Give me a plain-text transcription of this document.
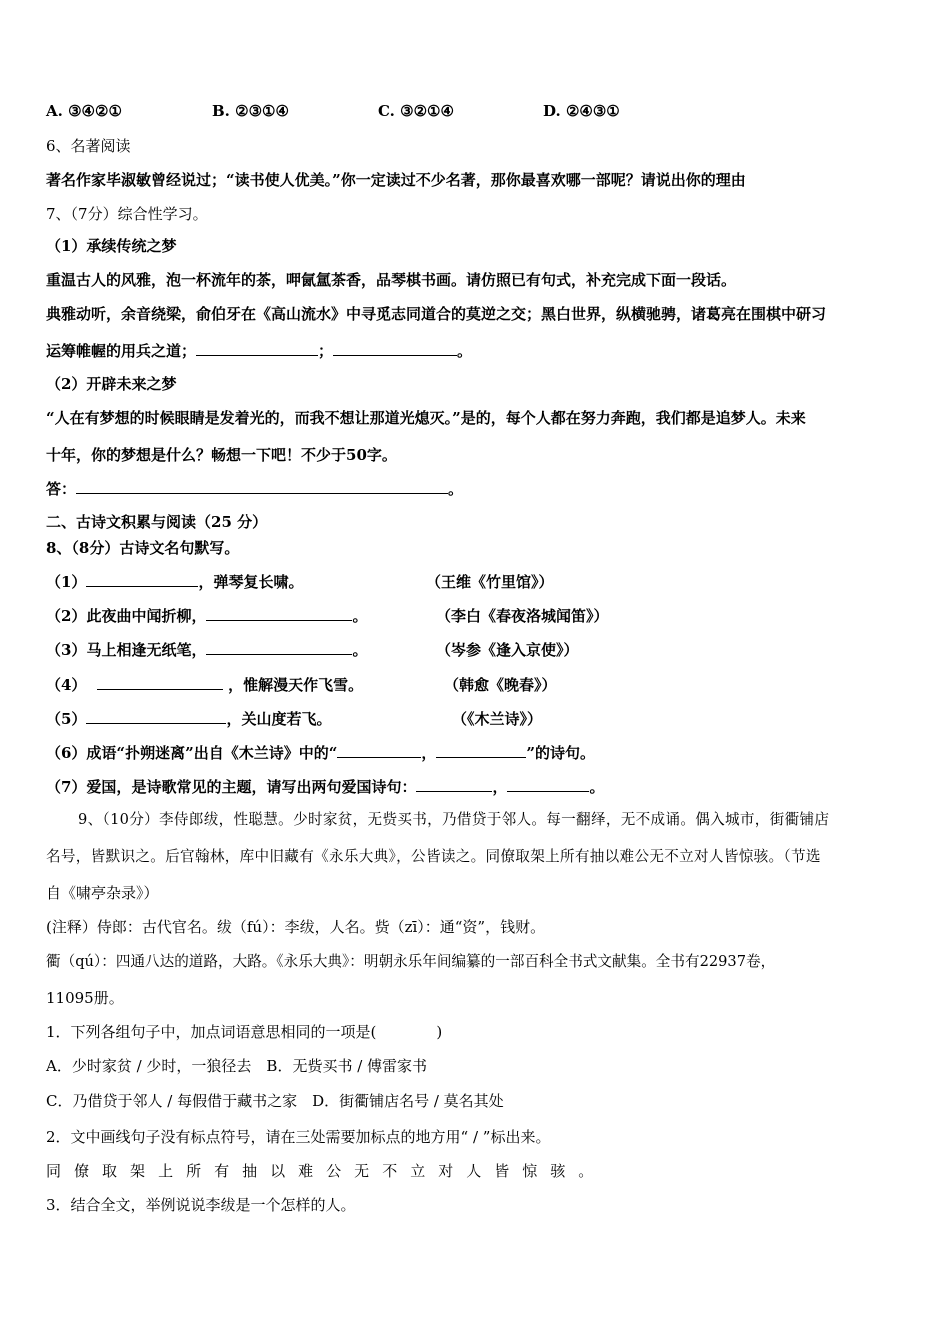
A. ③④②①	B. ②③①④	C. ③②①④	D. ②④③①
6、名著阅读
著名作家毕淑敏曾经说过；“读书使人优美。”你一定读过不少名著，那你最喜欢哪一部呢？请说出你的理由
7、（7分）综合性学习。
（1）承续传统之梦
重温古人的风雅，泡一杯流年的茶，呷氤氲茶香，品琴棋书画。请仿照已有句式，补充完成下面一段话。
典雅动听，余音绕梁，俞伯牙在《高山流水》中寻觅志同道合的莫逆之交；黑白世界，纵横驰骋，诸葛亮在围棋中研习
运筹帷幄的用兵之道；	；	。
（2）开辟未来之梦
“人在有梦想的时候眼睛是发着光的，而我不想让那道光熄灭。”是的，每个人都在努力奔跑，我们都是追梦人。未来
十年，你的梦想是什么？畅想一下吧！不少于50字。
答：	。
二、古诗文积累与阅读（25 分）
8、（8分）古诗文名句默写。
（1）	，弹琴复长啸。	（王维《竹里馆》）
（2）此夜曲中闻折柳，	。	（李白《春夜洛城闻笛》）
（3）马上相逢无纸笔，	。	（岑参《逢入京使》）
（4）	，惟解漫天作飞雪。	（韩愈《晚春》）
（5）	，关山度若飞。	（《木兰诗》）
（6）成语“扑朔迷离”出自《木兰诗》中的“	，	”的诗句。
（7）爱国，是诗歌常见的主题，请写出两句爱国诗句：	，	。
9、（10分）李侍郎绂，性聪慧。少时家贫，无赀买书，乃借贷于邻人。每一翻绎，无不成诵。偶入城市，街衢铺店
名号，皆默识之。后官翰林，库中旧藏有《永乐大典》，公皆读之。同僚取架上所有抽以难公无不立对人皆惊骇。（节选
自《啸亭杂录》）
(注释）侍郎：古代官名。绂（fú）：李绂，人名。赀（zī）：通“资”，钱财。
衢（qú）：四通八达的道路，大路。《永乐大典》：明朝永乐年间编纂的一部百科全书式文献集。全书有22937卷，
11095册。
1．下列各组句子中，加点词语意思相同的一项是(　　　　)
A．少时家贫 / 少时，一狼径去　B．无赀买书 / 傅雷家书
C．乃借贷于邻人 / 每假借于藏书之家　D．街衢铺店名号 / 莫名其处
2．文中画线句子没有标点符号，请在三处需要加标点的地方用“ / ”标出来。
同 僚 取 架 上 所 有 抽 以 难 公 无 不 立 对 人 皆 惊 骇 。
3．结合全文，举例说说李绂是一个怎样的人。
